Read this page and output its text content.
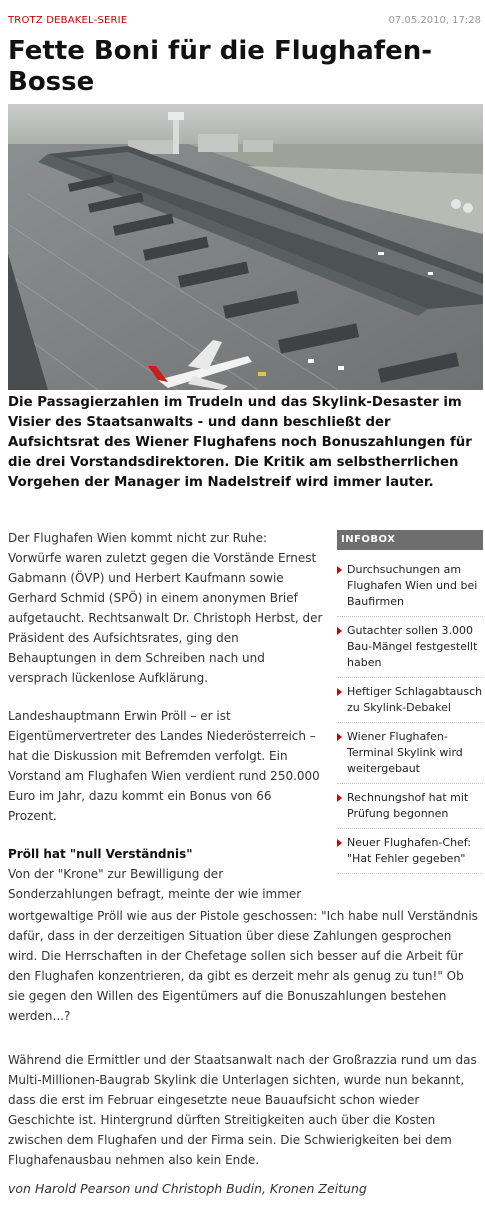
TROTZ DEBAKEL-SERIE	07.05.2010, 17:28
Fette Boni für die Flughafen-Bosse

Die Passagierzahlen im Trudeln und das Skylink-Desaster im Visier des Staatsanwalts - und dann beschließt der Aufsichtsrat des Wiener Flughafens noch Bonuszahlungen für die drei Vorstandsdirektoren. Die Kritik am selbstherrlichen Vorgehen der Manager im Nadelstreif wird immer lauter.

Der Flughafen Wien kommt nicht zur Ruhe: Vorwürfe waren zuletzt gegen die Vorstände Ernest Gabmann (ÖVP) und Herbert Kaufmann sowie Gerhard Schmid (SPÖ) in einem anonymen Brief aufgetaucht. Rechtsanwalt Dr. Christoph Herbst, der Präsident des Aufsichtsrates, ging den Behauptungen in dem Schreiben nach und versprach lückenlose Aufklärung.

Landeshauptmann Erwin Pröll – er ist Eigentümervertreter des Landes Niederösterreich – hat die Diskussion mit Befremden verfolgt. Ein Vorstand am Flughafen Wien verdient rund 250.000 Euro im Jahr, dazu kommt ein Bonus von 66 Prozent.

Pröll hat "null Verständnis"
Von der "Krone" zur Bewilligung der Sonderzahlungen befragt, meinte der wie immer

wortgewaltige Pröll wie aus der Pistole geschossen: "Ich habe null Verständnis dafür, dass in der derzeitigen Situation über diese Zahlungen gesprochen wird. Die Herrschaften in der Chefetage sollen sich besser auf die Arbeit für den Flughafen konzentrieren, da gibt es derzeit mehr als genug zu tun!" Ob sie gegen den Willen des Eigentümers auf die Bonuszahlungen bestehen werden...?

Während die Ermittler und der Staatsanwalt nach der Großrazzia rund um das Multi-Millionen-Baugrab Skylink die Unterlagen sichten, wurde nun bekannt, dass die erst im Februar eingesetzte neue Bauaufsicht schon wieder Geschichte ist. Hintergrund dürften Streitigkeiten auch über die Kosten zwischen dem Flughafen und der Firma sein. Die Schwierigkeiten bei dem Flughafenausbau nehmen also kein Ende.

von Harold Pearson und Christoph Budin, Kronen Zeitung
INFOBOX
Durchsuchungen am Flughafen Wien und bei Baufirmen
Gutachter sollen 3.000 Bau-Mängel festgestellt haben
Heftiger Schlagabtausch zu Skylink-Debakel
Wiener Flughafen-Terminal Skylink wird weitergebaut
Rechnungshof hat mit Prüfung begonnen
Neuer Flughafen-Chef: "Hat Fehler gegeben"
